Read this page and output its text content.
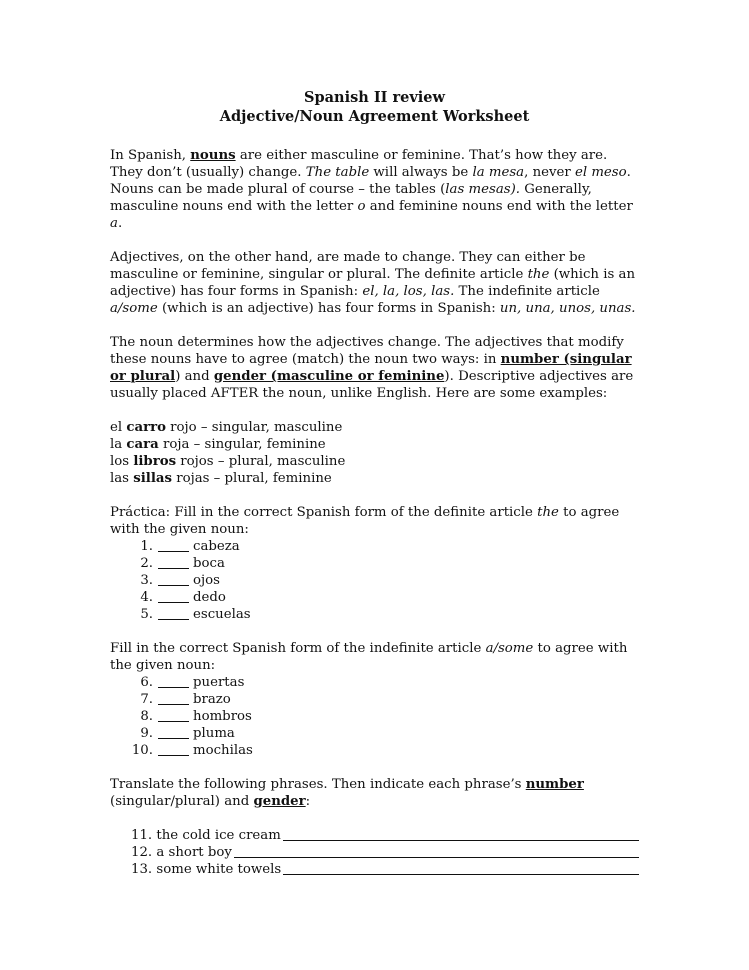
Spanish II review
Adjective/Noun Agreement Worksheet

In Spanish, nouns are either masculine or feminine. That’s how they are. They don’t (usually) change. The table will always be la mesa, never el meso. Nouns can be made plural of course – the tables (las mesas). Generally, masculine nouns end with the letter o and feminine nouns end with the letter a.

Adjectives, on the other hand, are made to change. They can either be masculine or feminine, singular or plural. The definite article the (which is an adjective) has four forms in Spanish: el, la, los, las. The indefinite article a/some (which is an adjective) has four forms in Spanish: un, una, unos, unas.

The noun determines how the adjectives change. The adjectives that modify these nouns have to agree (match) the noun two ways: in number (singular or plural) and gender (masculine or feminine). Descriptive adjectives are usually placed AFTER the noun, unlike English. Here are some examples:

el carro rojo – singular, masculine
la cara roja – singular, feminine
los libros rojos – plural, masculine
las sillas rojas – plural, feminine

Práctica: Fill in the correct Spanish form of the definite article the to agree with the given noun:

1.	cabeza
2.	boca
3.	ojos
4.	dedo
5.	escuelas

Fill in the correct Spanish form of the indefinite article a/some to agree with the given noun:

6.	puertas
7.	brazo
8.	hombros
9.	pluma
10.	mochilas

Translate the following phrases. Then indicate each phrase’s number (singular/plural) and gender:

11.
the cold ice cream
12.
a short boy
13.
some white towels
